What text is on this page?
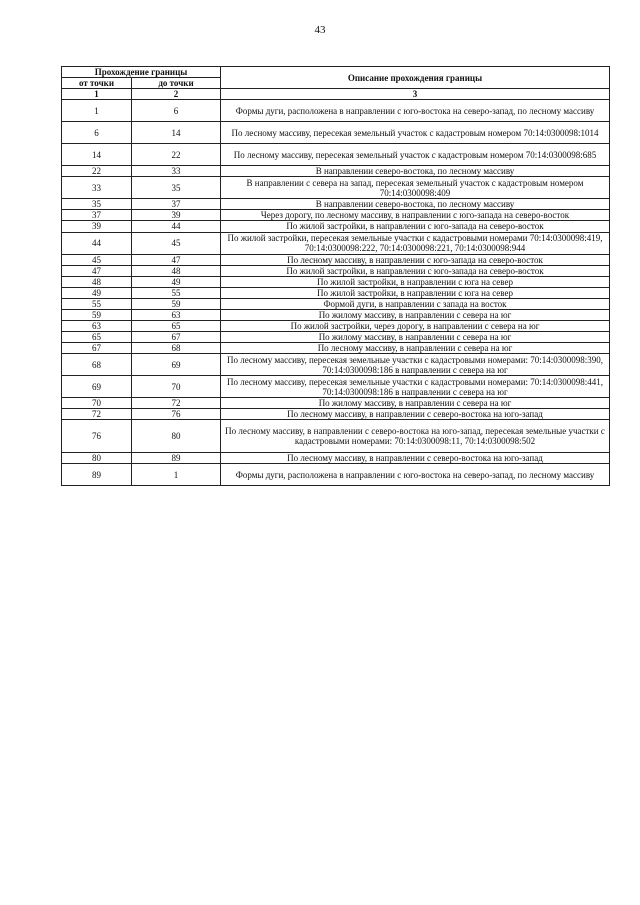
43
Прохождение границы		Описание прохождения границы
от точки	до точки	
1	2	3
1	6	Формы дуги, расположена в направлении с юго-востока на северо-запад, по лесному массиву
6	14	По лесному массиву, пересекая земельный участок с кадастровым номером 70:14:0300098:1014
14	22	По лесному массиву, пересекая земельный участок с кадастровым номером 70:14:0300098:685
22	33	В направлении северо-востока, по лесному массиву
33	35	В направлении с севера на запад, пересекая земельный участок с кадастровым номером 70:14:0300098:409
35	37	В направлении северо-востока, по лесному массиву
37	39	Через дорогу, по лесному массиву, в направлении с юго-запада на северо-восток
39	44	По жилой застройки, в направлении с юго-запада на северо-восток
44	45	По жилой застройки, пересекая земельные участки с кадастровыми номерами 70:14:0300098:419, 70:14:0300098:222, 70:14:0300098:221, 70:14:0300098:944
45	47	По лесному массиву, в направлении с юго-запада на северо-восток
47	48	По жилой застройки, в направлении с юго-запада на северо-восток
48	49	По жилой застройки, в направлении с юга на север
49	55	По жилой застройки, в направлении с юга на север
55	59	Формой дуги, в направлении с запада на восток
59	63	По жилому массиву, в направлении с севера на юг
63	65	По жилой застройки, через дорогу, в направлении с севера на юг
65	67	По жилому массиву, в направлении с севера на юг
67	68	По лесному массиву, в направлении с севера на юг
68	69	По лесному массиву, пересекая земельные участки с кадастровыми номерами: 70:14:0300098:390, 70:14:0300098:186 в направлении с севера на юг
69	70	По лесному массиву, пересекая земельные участки с кадастровыми номерами: 70:14:0300098:441, 70:14:0300098:186 в направлении с севера на юг
70	72	По жилому массиву, в направлении с севера на юг
72	76	По лесному массиву, в направлении с северо-востока на юго-запад
76	80	По лесному массиву, в направлении с северо-востока на юго-запад, пересекая земельные участки с кадастровыми номерами: 70:14:0300098:11, 70:14:0300098:502
80	89	По лесному массиву, в направлении с северо-востока на юго-запад
89	1	Формы дуги, расположена в направлении с юго-востока на северо-запад, по лесному массиву
